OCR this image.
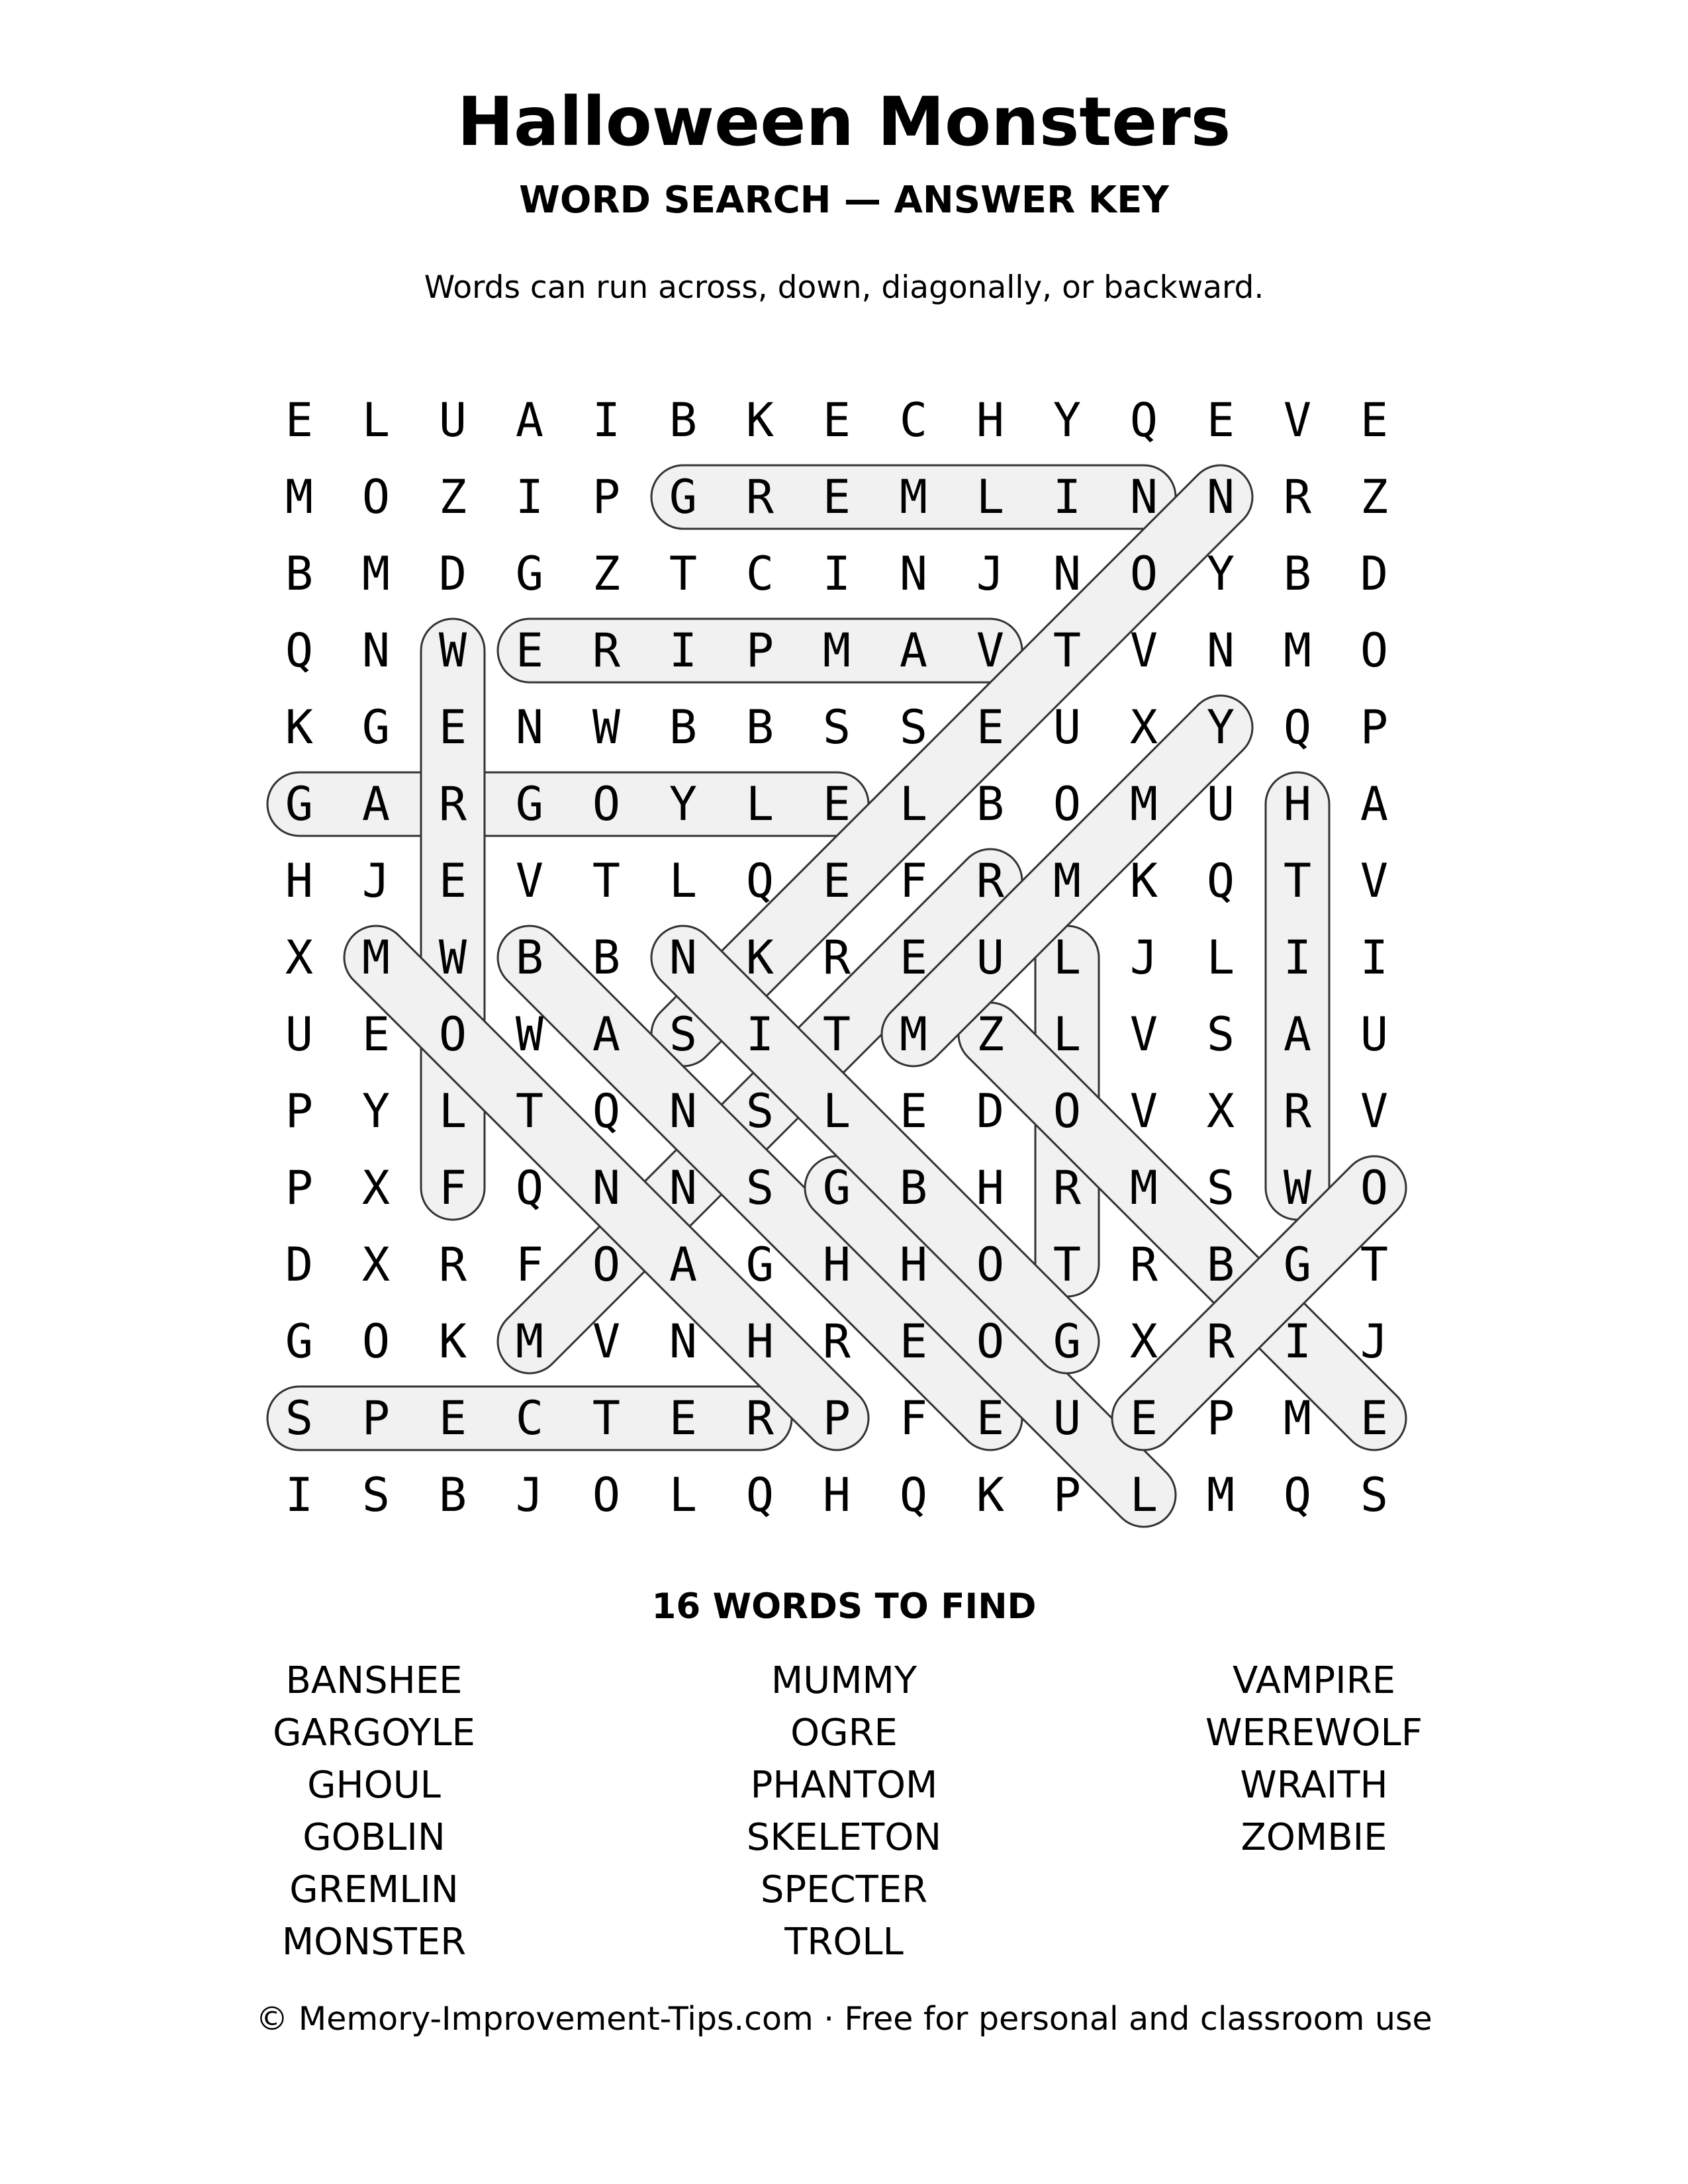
Halloween Monsters
WORD SEARCH — ANSWER KEY
Words can run across, down, diagonally, or backward.
E L U A I B K E C H Y Q E V E
M O Z I P G R E M L I N N R Z
B M D G Z T C I N J N O Y B D
Q N W E R I P M A V T V N M O
K G E N W B B S S E U X Y Q P
G A R G O Y L E L B O M U H A
H J E V T L Q E F R M K Q T V
X M W B B N K R E U L J L I I
U E O W A S I T M Z L V S A U
P Y L T Q N S L E D O V X R V
P X F Q N N S G B H R M S W O
D X R F O A G H H O T R B G T
G O K M V N H R E O G X R I J
S P E C T E R P F E U E P M E
I S B J O L Q H Q K P L M Q S
16 WORDS TO FIND
BANSHEE
GARGOYLE
GHOUL
GOBLIN
GREMLIN
MONSTER
MUMMY
OGRE
PHANTOM
SKELETON
SPECTER
TROLL
VAMPIRE
WEREWOLF
WRAITH
ZOMBIE
© Memory-Improvement-Tips.com · Free for personal and classroom use
